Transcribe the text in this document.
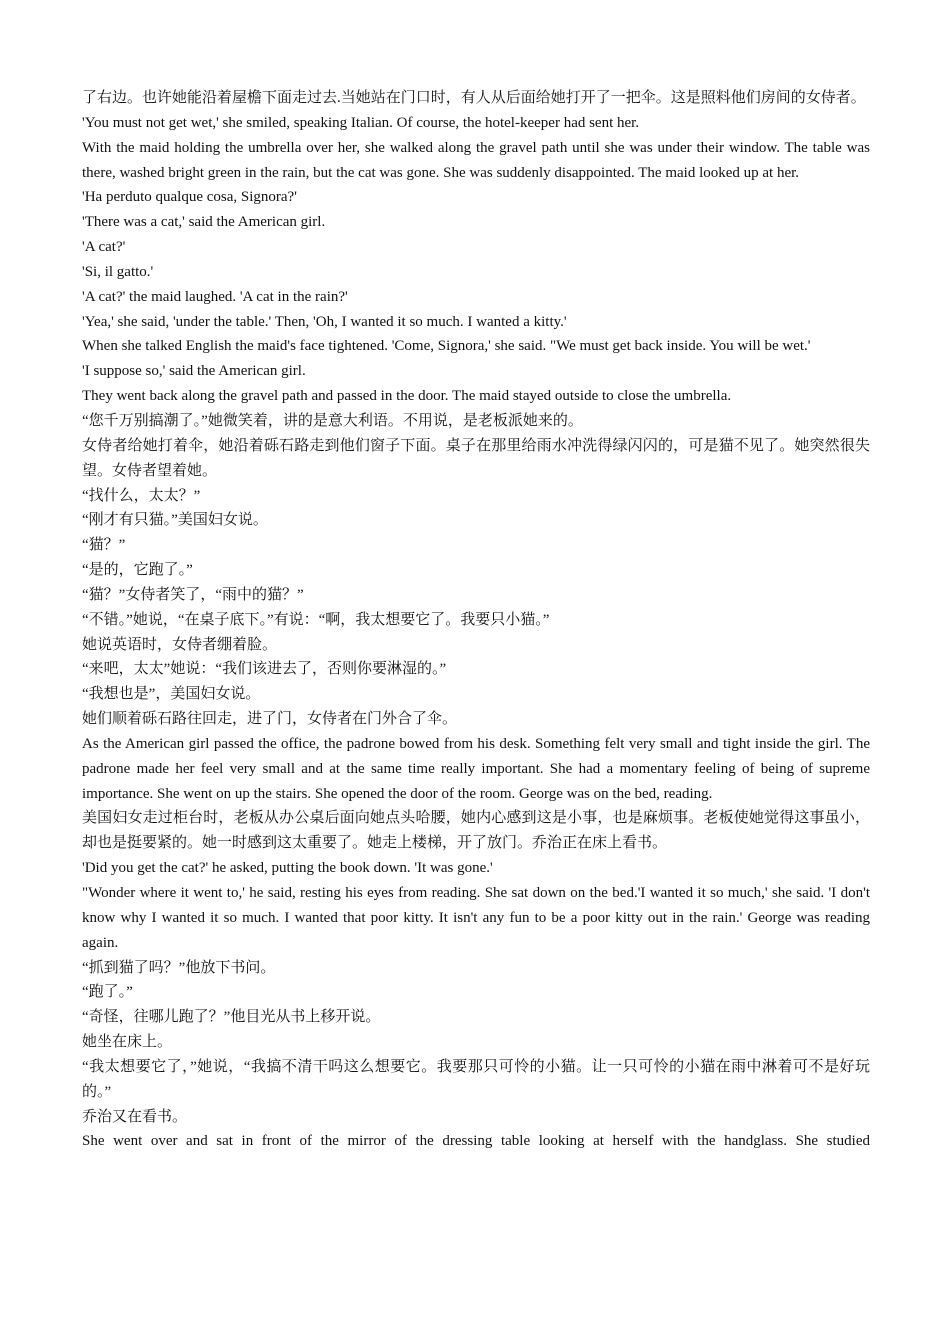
了右边。也许她能沿着屋檐下面走过去.当她站在门口时，有人从后面给她打开了一把伞。这是照料他们房间的女侍者。

'You must not get wet,' she smiled, speaking Italian. Of course, the hotel-keeper had sent her.

With the maid holding the umbrella over her, she walked along the gravel path until she was under their window. The table was there, washed bright green in the rain, but the cat was gone. She was suddenly disappointed. The maid looked up at her.

'Ha perduto qualque cosa, Signora?'

'There was a cat,' said the American girl.

'A cat?'

'Si, il gatto.'

'A cat?' the maid laughed. 'A cat in the rain?'

'Yea,' she said, 'under the table.' Then, 'Oh, I wanted it so much. I wanted a kitty.'

When she talked English the maid's face tightened. 'Come, Signora,' she said. "We must get back inside. You will be wet.'

'I suppose so,' said the American girl.

They went back along the gravel path and passed in the door. The maid stayed outside to close the umbrella.

“您千万别搞潮了。”她微笑着，讲的是意大利语。不用说，是老板派她来的。

女侍者给她打着伞，她沿着砾石路走到他们窗子下面。桌子在那里给雨水冲洗得绿闪闪的，可是猫不见了。她突然很失望。女侍者望着她。

“找什么，太太？”

“刚才有只猫。”美国妇女说。

“猫？”

“是的，它跑了。”

“猫？”女侍者笑了，“雨中的猫？”

“不错。”她说，“在桌子底下。”有说：“啊，我太想要它了。我要只小猫。”

她说英语时，女侍者绷着脸。

“来吧，太太”她说：“我们该进去了，否则你要淋湿的。”

“我想也是”，美国妇女说。

她们顺着砾石路往回走，进了门，女侍者在门外合了伞。

As the American girl passed the office, the padrone bowed from his desk. Something felt very small and tight inside the girl. The padrone made her feel very small and at the same time really important. She had a momentary feeling of being of supreme importance. She went on up the stairs. She opened the door of the room. George was on the bed, reading.

美国妇女走过柜台时，老板从办公桌后面向她点头哈腰，她内心感到这是小事，也是麻烦事。老板使她觉得这事虽小，却也是挺要紧的。她一时感到这太重要了。她走上楼梯，开了放门。乔治正在床上看书。

'Did you get the cat?' he asked, putting the book down. 'It was gone.'

"Wonder where it went to,' he said, resting his eyes from reading. She sat down on the bed.'I wanted it so much,' she said. 'I don't know why I wanted it so much. I wanted that poor kitty. It isn't any fun to be a poor kitty out in the rain.' George was reading again.

“抓到猫了吗？”他放下书问。

“跑了。”

“奇怪，往哪儿跑了？”他目光从书上移开说。

她坐在床上。

“我太想要它了，”她说，“我搞不清干吗这么想要它。我要那只可怜的小猫。让一只可怜的小猫在雨中淋着可不是好玩的。”

乔治又在看书。

She went over and sat in front of the mirror of the dressing table looking at herself with the handglass. She studied
